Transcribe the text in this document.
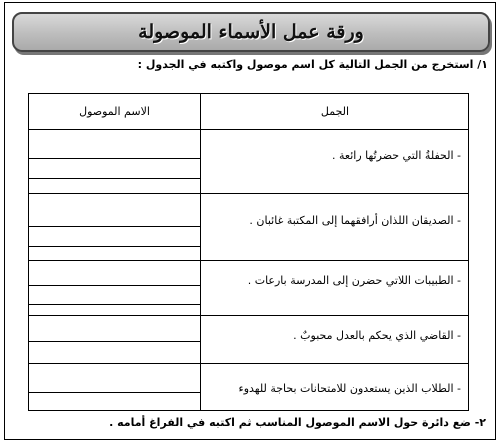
ورقة عمل الأسماء الموصولة
١/ استخرج من الجمل التالية كل اسم موصول واكتبه في الجدول :
الجمل
الاسم الموصول
- الحفلةُ التي حضرتُها رائعة .
- الصديقان اللذان أرافقهما إلى المكتبة غائبان .
- الطبيبات اللاتي حضرن إلى المدرسة بارعات .
- القاضي الذي يحكم بالعدل محبوبٌ .
- الطلاب الذين يستعدون للامتحانات بحاجة للهدوء
٢- ضع دائرة حول الاسم الموصول المناسب ثم اكتبه في الفراغ أمامه .
